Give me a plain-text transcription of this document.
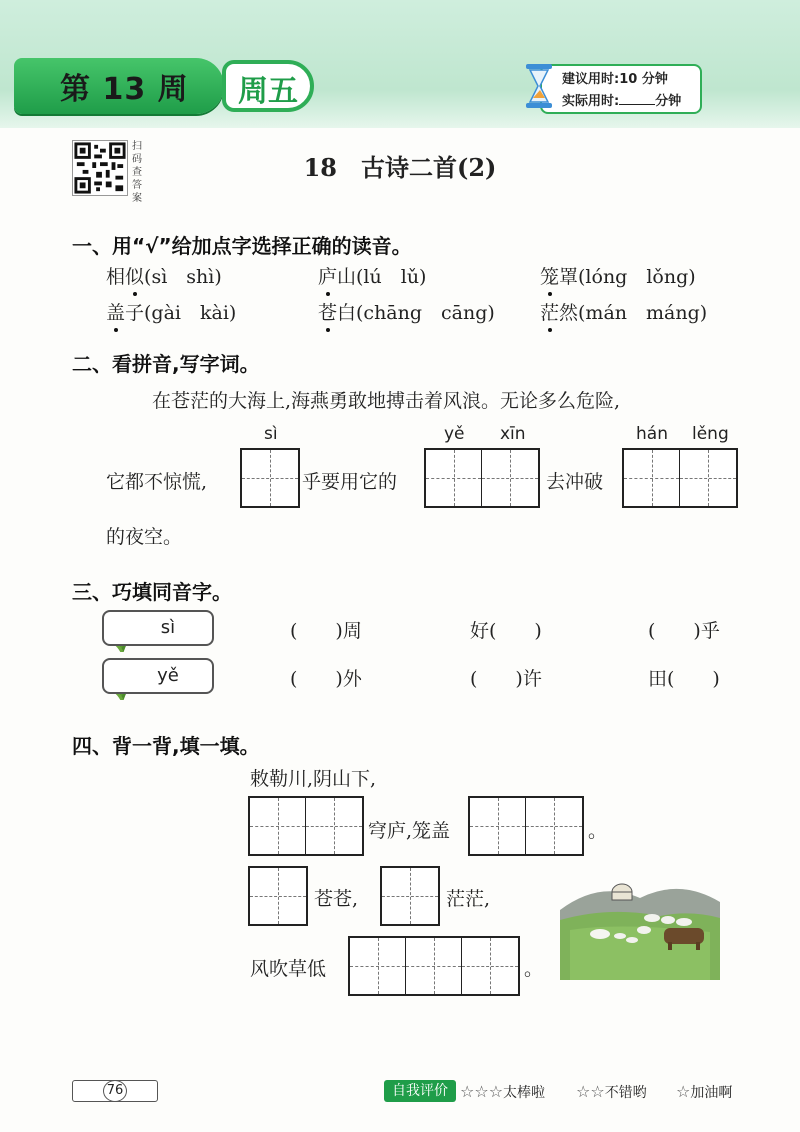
第 13 周 周五	建议用时:10 分钟
实际用时:	分钟
扫码查答案
18　古诗二首(2)
一、用“√”给加点字选择正确的读音。
相似(sì　shì)	庐山(lú　lǔ)	笼罩(lóng　lǒng)
盖子(gài　kài)	苍白(chāng　cāng) 茫然(mán　máng)
二、看拼音,写字词。
在苍茫的大海上,海燕勇敢地搏击着风浪。无论多么危险,
sì	yě xīn	hán lěng
它都不惊慌,	乎要用它的	去冲破
的夜空。
三、巧填同音字。
sì	(　　)周	好(　　)	(　　)乎
yě	(　　)外	(　　)许	田(　　)
四、背一背,填一填。
敕勒川,阴山下,
穹庐,笼盖	。
苍苍,	茫茫,
风吹草低	。
76	自我评价 ☆☆☆太棒啦 ☆☆不错哟 ☆加油啊
